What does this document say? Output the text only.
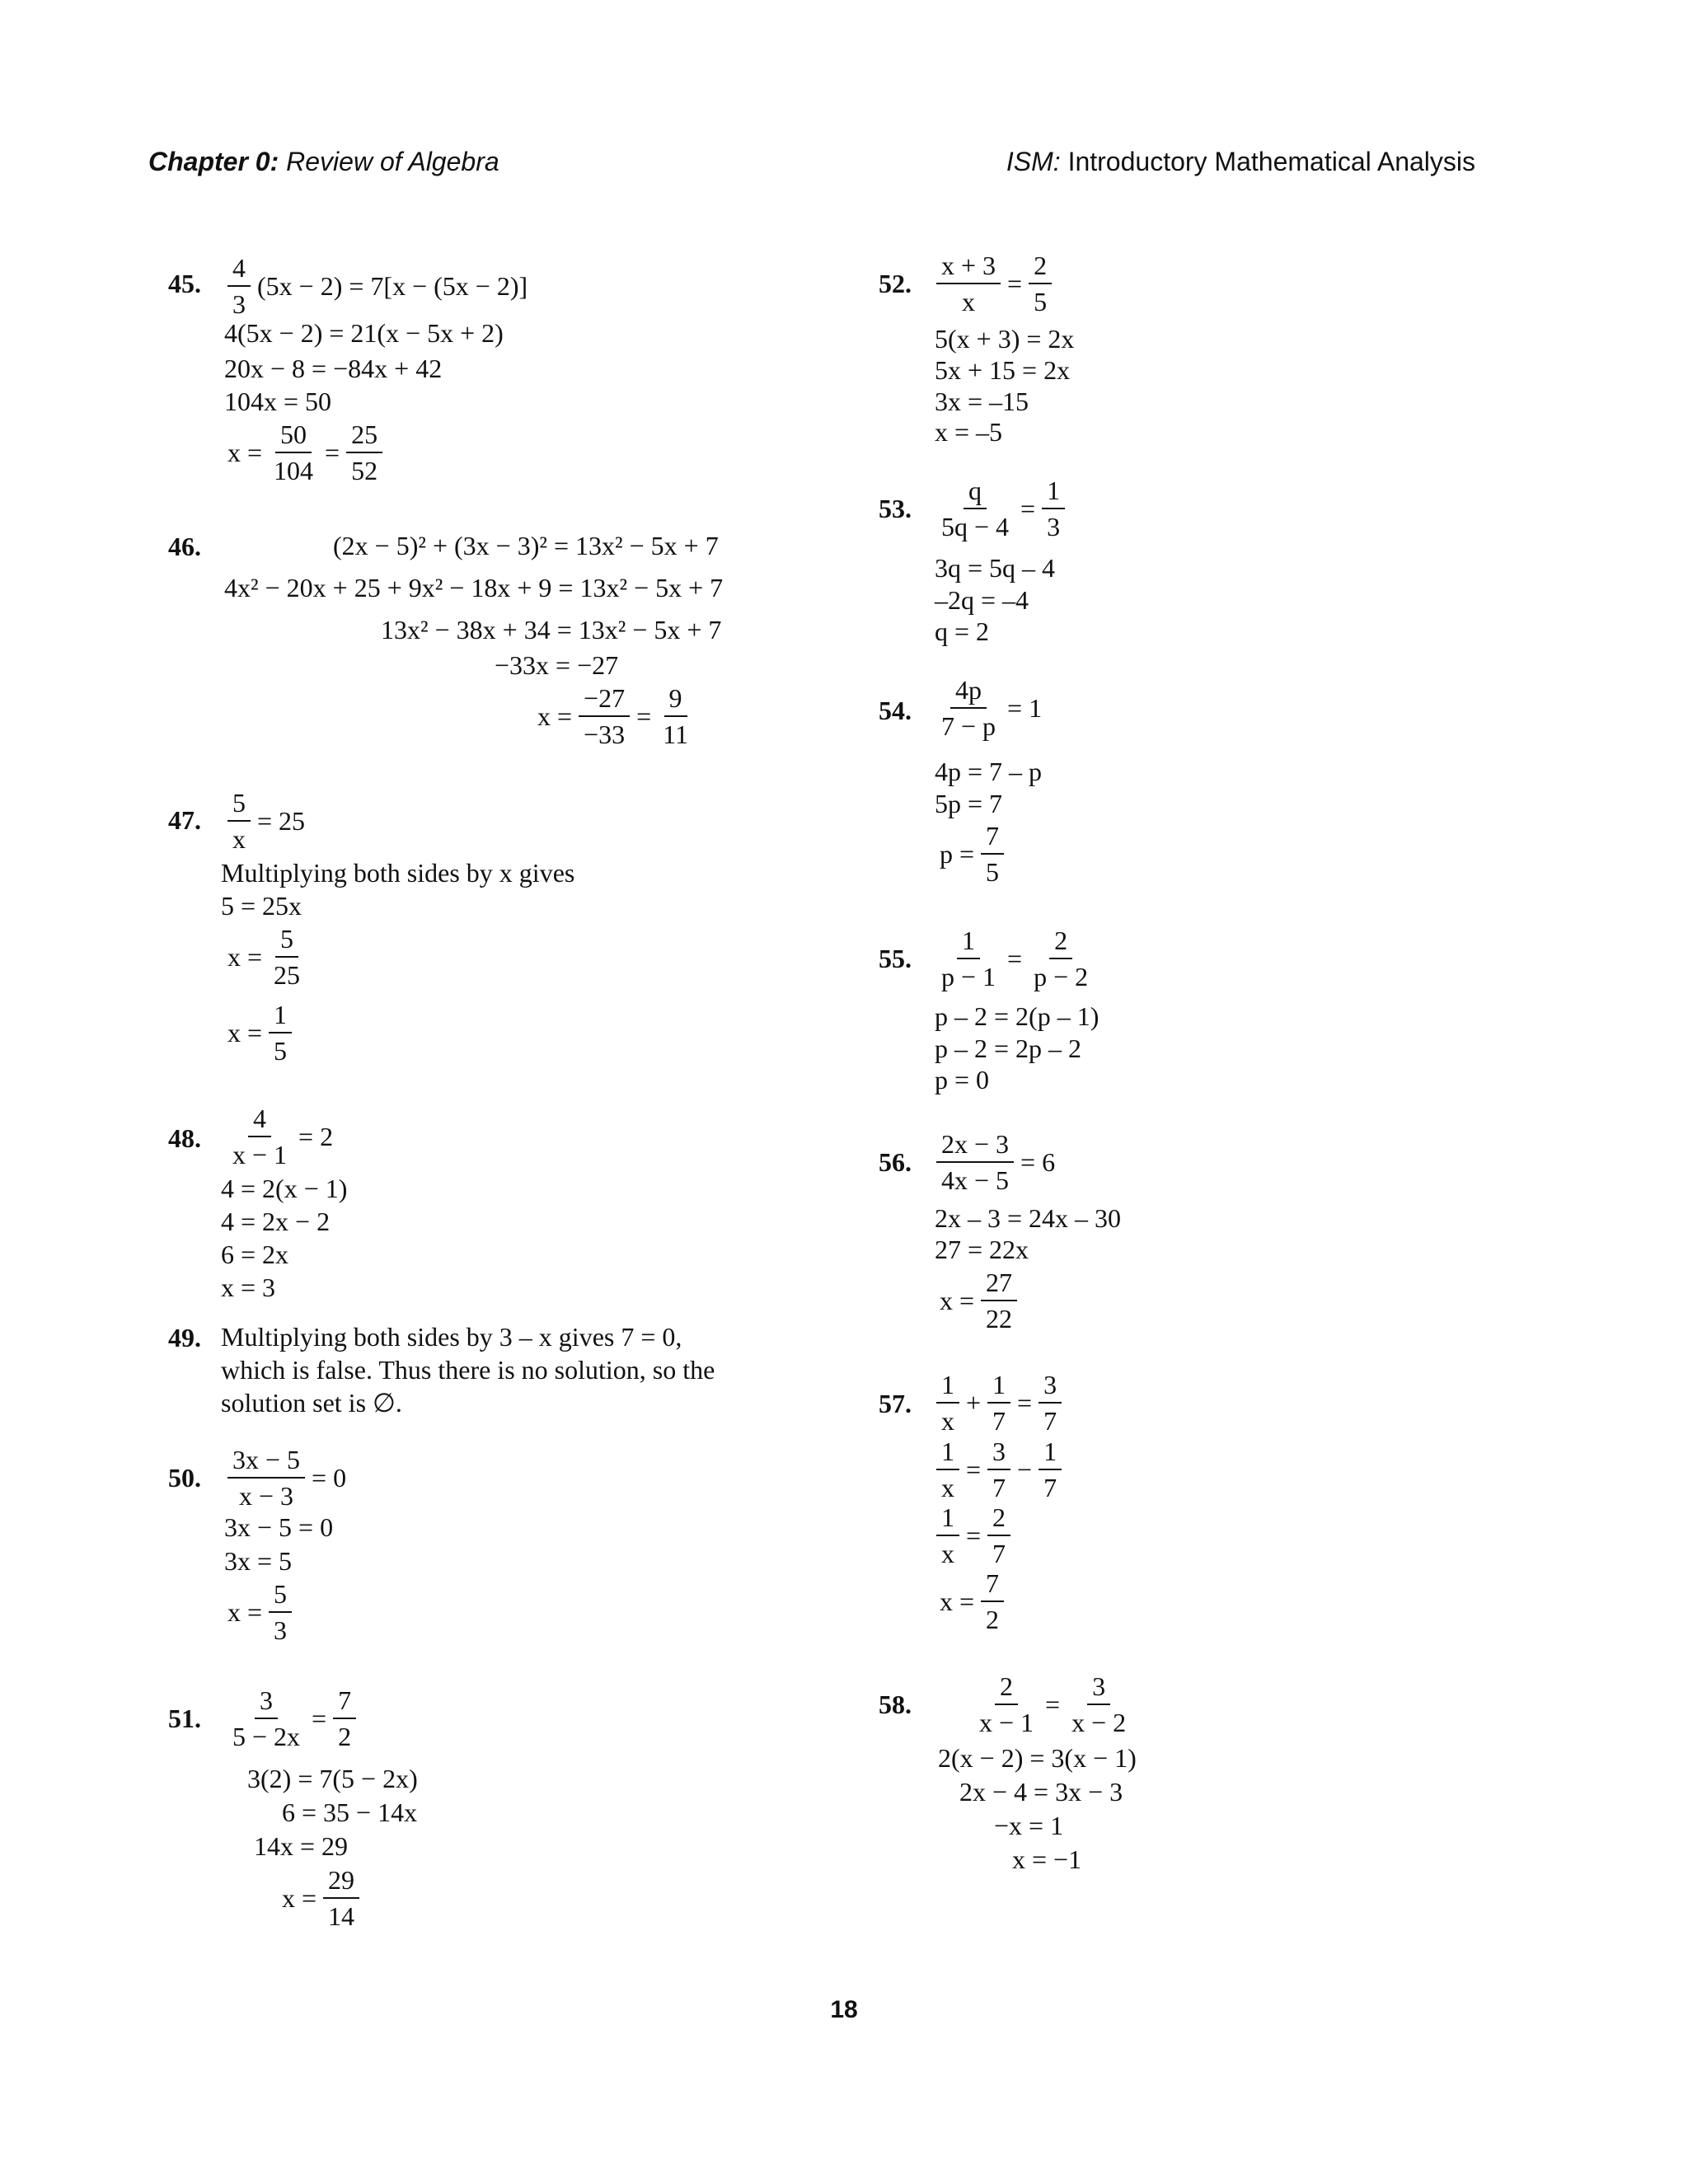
Chapter 0: Review of Algebra	ISM: Introductory Mathematical Analysis
45. $\frac{4}{3} (5x - 2) = 7[x - (5x - 2)]$
4(5x − 2) = 21(x − 5x + 2)
20x − 8 = −84x + 42
104x = 50
$x = \frac{50}{104} = \frac{25}{52}$
46.	(2x − 5)² + (3x − 3)² = 13x² − 5x + 7
4x² − 20x + 25 + 9x² − 18x + 9 = 13x² − 5x + 7
13x² − 38x + 34 = 13x² − 5x + 7
−33x = −27
$x = \frac{-27}{-33} = \frac{9}{11}$
47. $\frac{5}{x} = 25$
Multiplying both sides by x gives
5 = 25x
$x = \frac{5}{25}$
$x = \frac{1}{5}$
48. $\frac{4}{x - 1} = 2$
4 = 2(x − 1)
4 = 2x − 2
6 = 2x
x = 3
49. Multiplying both sides by 3 – x gives 7 = 0,
which is false. Thus there is no solution, so the
solution set is ∅.
50. $\frac{3x - 5}{x - 3} = 0$
3x − 5 = 0
3x = 5
$x = \frac{5}{3}$
51. $\frac{3}{5 - 2x} = \frac{7}{2}$
3(2) = 7(5 − 2x)
6 = 35 − 14x
14x = 29
$x = \frac{29}{14}$
52. $\frac{x + 3}{x} = \frac{2}{5}$
5(x + 3) = 2x
5x + 15 = 2x
3x = –15
x = –5
53. $\frac{q}{5q - 4} = \frac{1}{3}$
3q = 5q – 4
–2q = –4
q = 2
54. $\frac{4p}{7 - p} = 1$
4p = 7 – p
5p = 7
$p = \frac{7}{5}$
55. $\frac{1}{p - 1} = \frac{2}{p - 2}$
p – 2 = 2(p – 1)
p – 2 = 2p – 2
p = 0
56. $\frac{2x - 3}{4x - 5} = 6$
2x – 3 = 24x – 30
27 = 22x
$x = \frac{27}{22}$
57. $\frac{1}{x} + \frac{1}{7} = \frac{3}{7}$
$\frac{1}{x} = \frac{3}{7} - \frac{1}{7}$
$\frac{1}{x} = \frac{2}{7}$
$x = \frac{7}{2}$
58. $\frac{2}{x - 1} = \frac{3}{x - 2}$
2(x − 2) = 3(x − 1)
2x − 4 = 3x − 3
−x = 1
x = −1
18
